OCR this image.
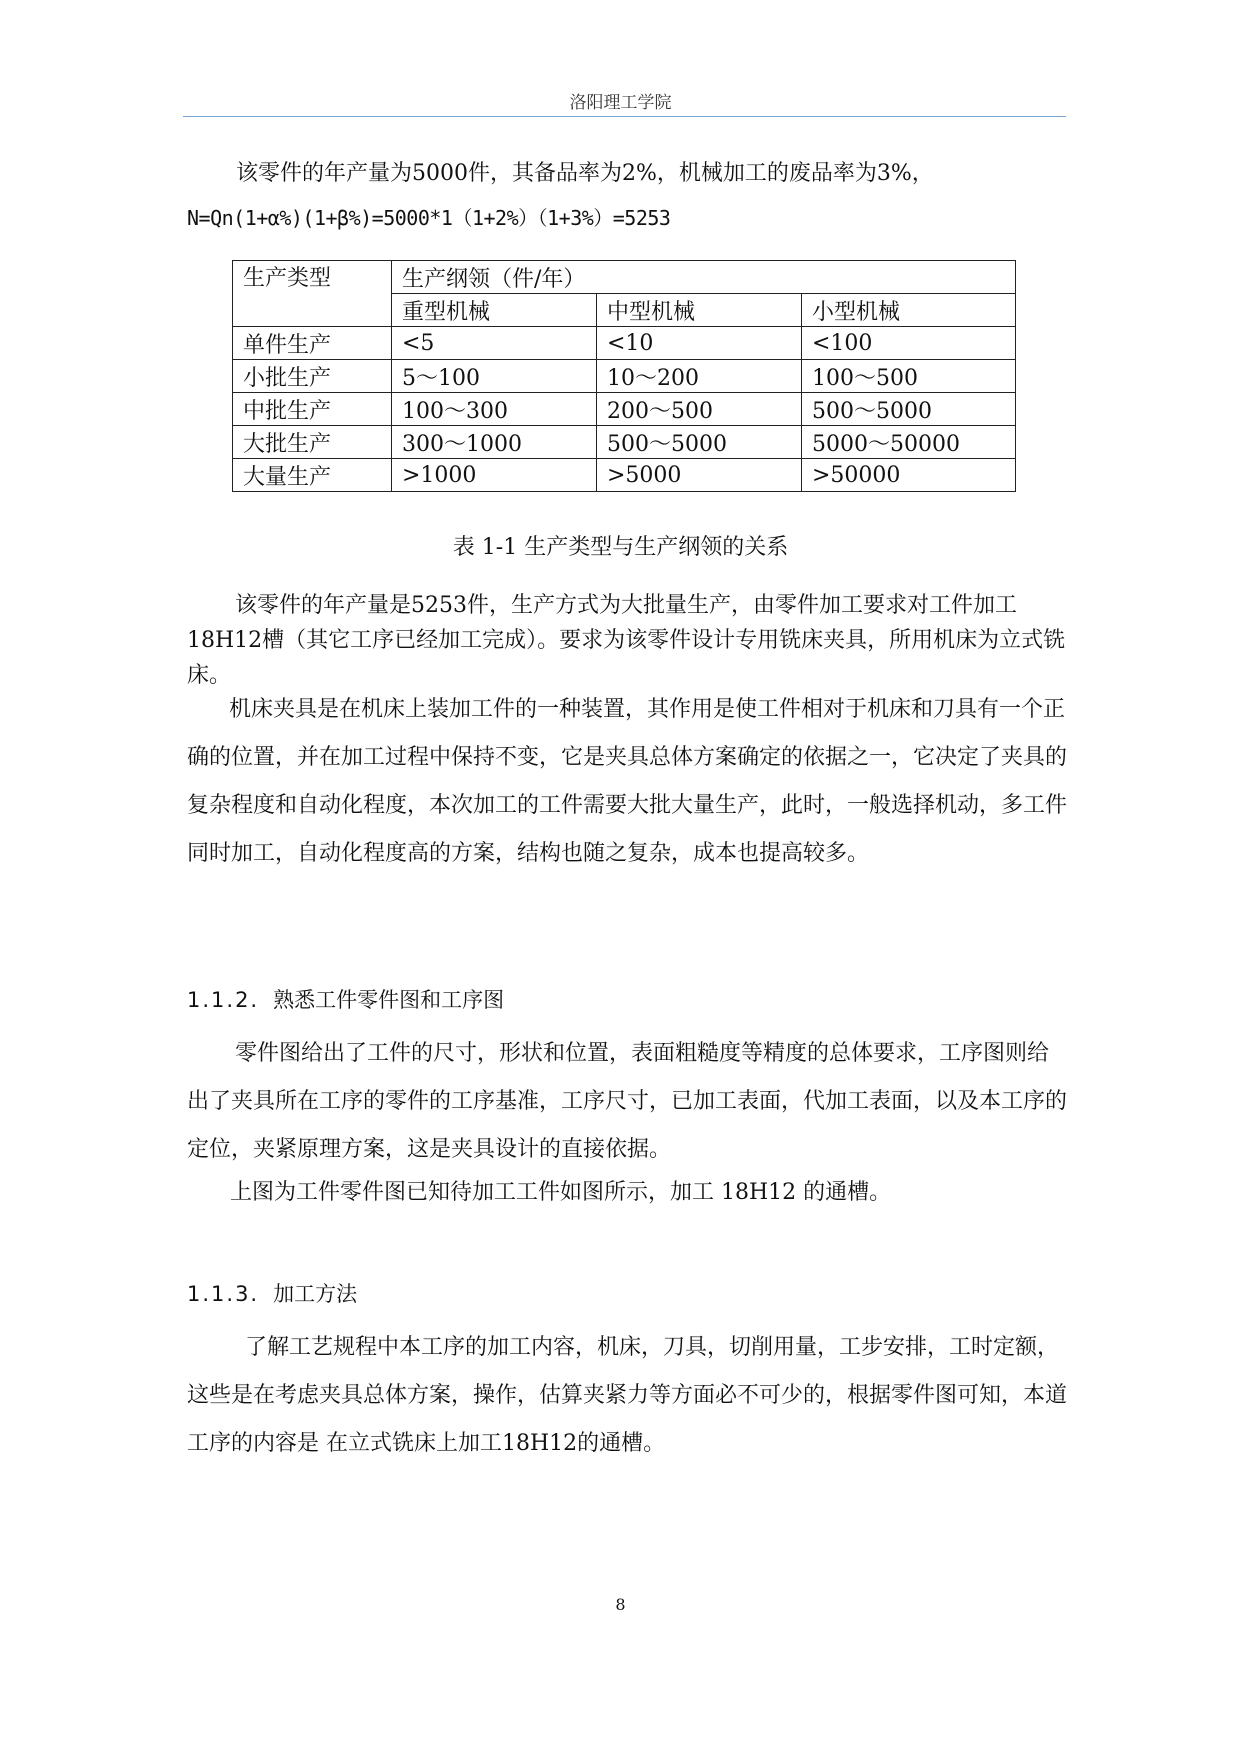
洛阳理工学院

该零件的年产量为5000件，其备品率为2%，机械加工的废品率为3%，

N=Qn(1+α%)(1+β%)=5000*1（1+2%）（1+3%）=5253
生产类型	生产纲领（件/年）		
	重型机械	中型机械	小型机械
单件生产	<5	<10	<100
小批生产	5～100	10～200	100～500
中批生产	100～300	200～500	500～5000
大批生产	300～1000	500～5000	5000～50000
大量生产	>1000	>5000	>50000
表 1-1 生产类型与生产纲领的关系

该零件的年产量是5253件，生产方式为大批量生产，由零件加工要求对工件加工18H12槽（其它工序已经加工完成）。要求为该零件设计专用铣床夹具，所用机床为立式铣床。

机床夹具是在机床上装加工件的一种装置，其作用是使工件相对于机床和刀具有一个正确的位置，并在加工过程中保持不变，它是夹具总体方案确定的依据之一，它决定了夹具的复杂程度和自动化程度，本次加工的工件需要大批大量生产，此时，一般选择机动，多工件同时加工，自动化程度高的方案，结构也随之复杂，成本也提高较多。

1.1.2. 熟悉工件零件图和工序图

零件图给出了工件的尺寸，形状和位置，表面粗糙度等精度的总体要求，工序图则给出了夹具所在工序的零件的工序基准，工序尺寸，已加工表面，代加工表面，以及本工序的定位，夹紧原理方案，这是夹具设计的直接依据。

上图为工件零件图已知待加工工件如图所示，加工 18H12 的通槽。

1.1.3. 加工方法

了解工艺规程中本工序的加工内容，机床，刀具，切削用量，工步安排，工时定额，这些是在考虑夹具总体方案，操作，估算夹紧力等方面必不可少的，根据零件图可知，本道工序的内容是 在立式铣床上加工18H12的通槽。

8
